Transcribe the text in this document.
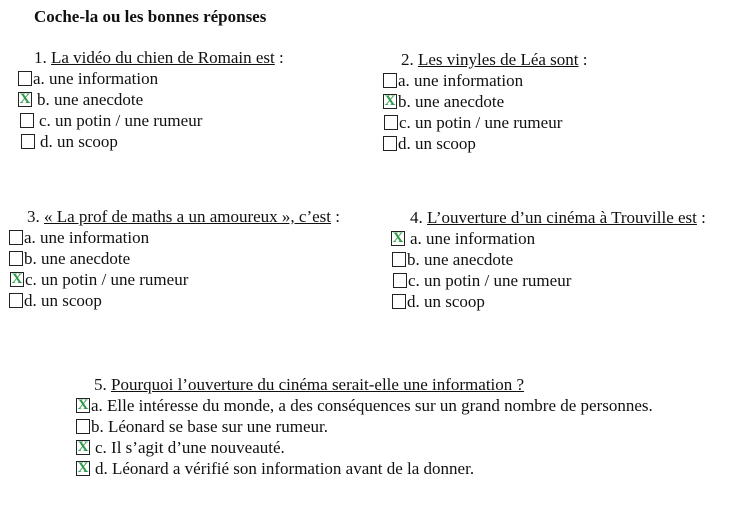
Coche-la ou les bonnes réponses
1. La vidéo du chien de Romain est :
a. une information
X b. une anecdote
c. un potin / une rumeur
d. un scoop
2. Les vinyles de Léa sont :
a. une information
X b. une anecdote
c. un potin / une rumeur
d. un scoop
3. « La prof de maths a un amoureux », c’est :
a. une information
b. une anecdote
X c. un potin / une rumeur
d. un scoop
4. L’ouverture d’un cinéma à Trouville est :
X a. une information
b. une anecdote
c. un potin / une rumeur
d. un scoop
5. Pourquoi l’ouverture du cinéma serait-elle une information ?
X a. Elle intéresse du monde, a des conséquences sur un grand nombre de personnes.
b. Léonard se base sur une rumeur.
X c. Il s’agit d’une nouveauté.
X d. Léonard a vérifié son information avant de la donner.
